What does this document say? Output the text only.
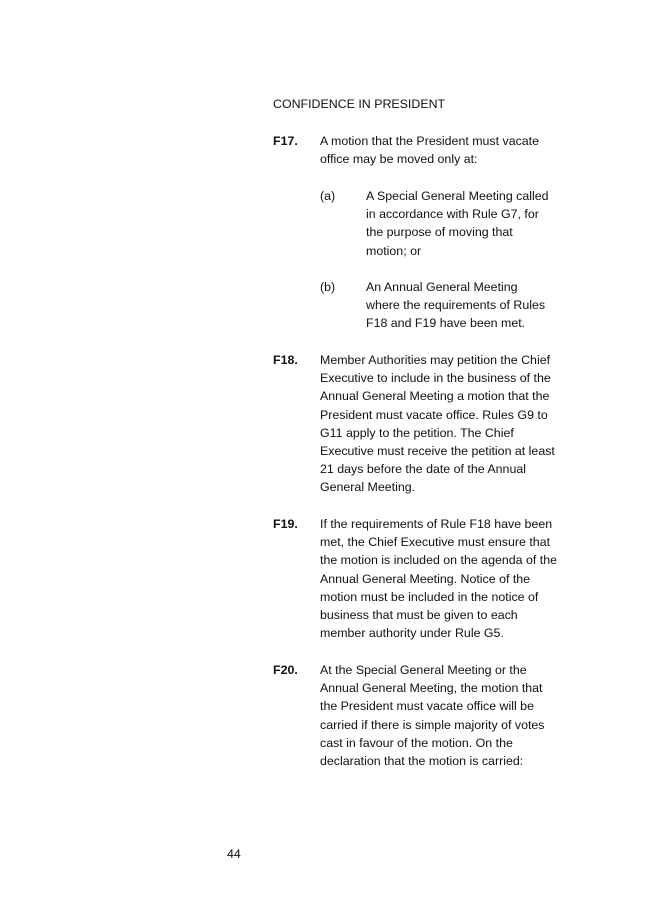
CONFIDENCE IN PRESIDENT
F17.	A motion that the President must vacate office may be moved only at:
(a)	A Special General Meeting called in accordance with Rule G7, for the purpose of moving that motion; or
(b)	An Annual General Meeting where the requirements of Rules F18 and F19 have been met.
F18.	Member Authorities may petition the Chief Executive to include in the business of the Annual General Meeting a motion that the President must vacate office. Rules G9 to G11 apply to the petition. The Chief Executive must receive the petition at least 21 days before the date of the Annual General Meeting.
F19.	If the requirements of Rule F18 have been met, the Chief Executive must ensure that the motion is included on the agenda of the Annual General Meeting. Notice of the motion must be included in the notice of business that must be given to each member authority under Rule G5.
F20.	At the Special General Meeting or the Annual General Meeting, the motion that the President must vacate office will be carried if there is simple majority of votes cast in favour of the motion. On the declaration that the motion is carried:
44
